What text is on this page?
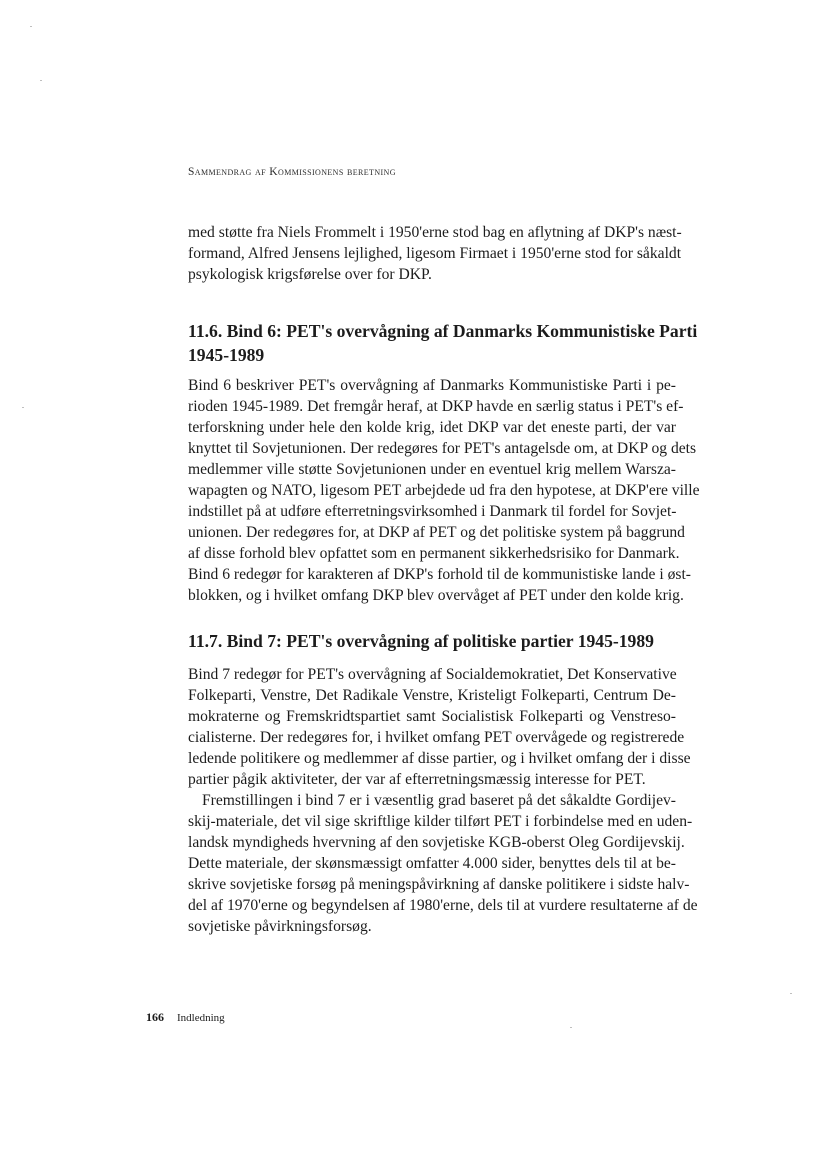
Sammendrag af Kommissionens beretning
med støtte fra Niels Frommelt i 1950'erne stod bag en aflytning af DKP's næst-
formand, Alfred Jensens lejlighed, ligesom Firmaet i 1950'erne stod for såkaldt
psykologisk krigsførelse over for DKP.
11.6. Bind 6: PET's overvågning af Danmarks Kommunistiske Parti
1945-1989
Bind 6 beskriver PET's overvågning af Danmarks Kommunistiske Parti i pe-
rioden 1945-1989. Det fremgår heraf, at DKP havde en særlig status i PET's ef-
terforskning under hele den kolde krig, idet DKP var det eneste parti, der var
knyttet til Sovjetunionen. Der redegøres for PET's antagelsde om, at DKP og dets
medlemmer ville støtte Sovjetunionen under en eventuel krig mellem Warsza-
wapagten og NATO, ligesom PET arbejdede ud fra den hypotese, at DKP'ere ville
indstillet på at udføre efterretningsvirksomhed i Danmark til fordel for Sovjet-
unionen. Der redegøres for, at DKP af PET og det politiske system på baggrund
af disse forhold blev opfattet som en permanent sikkerhedsrisiko for Danmark.
Bind 6 redegør for karakteren af DKP's forhold til de kommunistiske lande i øst-
blokken, og i hvilket omfang DKP blev overvåget af PET under den kolde krig.
11.7. Bind 7: PET's overvågning af politiske partier 1945-1989
Bind 7 redegør for PET's overvågning af Socialdemokratiet, Det Konservative
Folkeparti, Venstre, Det Radikale Venstre, Kristeligt Folkeparti, Centrum De-
mokraterne og Fremskridtspartiet samt Socialistisk Folkeparti og Venstreso-
cialisterne. Der redegøres for, i hvilket omfang PET overvågede og registrerede
ledende politikere og medlemmer af disse partier, og i hvilket omfang der i disse
partier pågik aktiviteter, der var af efterretningsmæssig interesse for PET.
Fremstillingen i bind 7 er i væsentlig grad baseret på det såkaldte Gordijev-
skij-materiale, det vil sige skriftlige kilder tilført PET i forbindelse med en uden-
landsk myndigheds hvervning af den sovjetiske KGB-oberst Oleg Gordijevskij.
Dette materiale, der skønsmæssigt omfatter 4.000 sider, benyttes dels til at be-
skrive sovjetiske forsøg på meningspåvirkning af danske politikere i sidste halv-
del af 1970'erne og begyndelsen af 1980'erne, dels til at vurdere resultaterne af de
sovjetiske påvirkningsforsøg.
166 Indledning
